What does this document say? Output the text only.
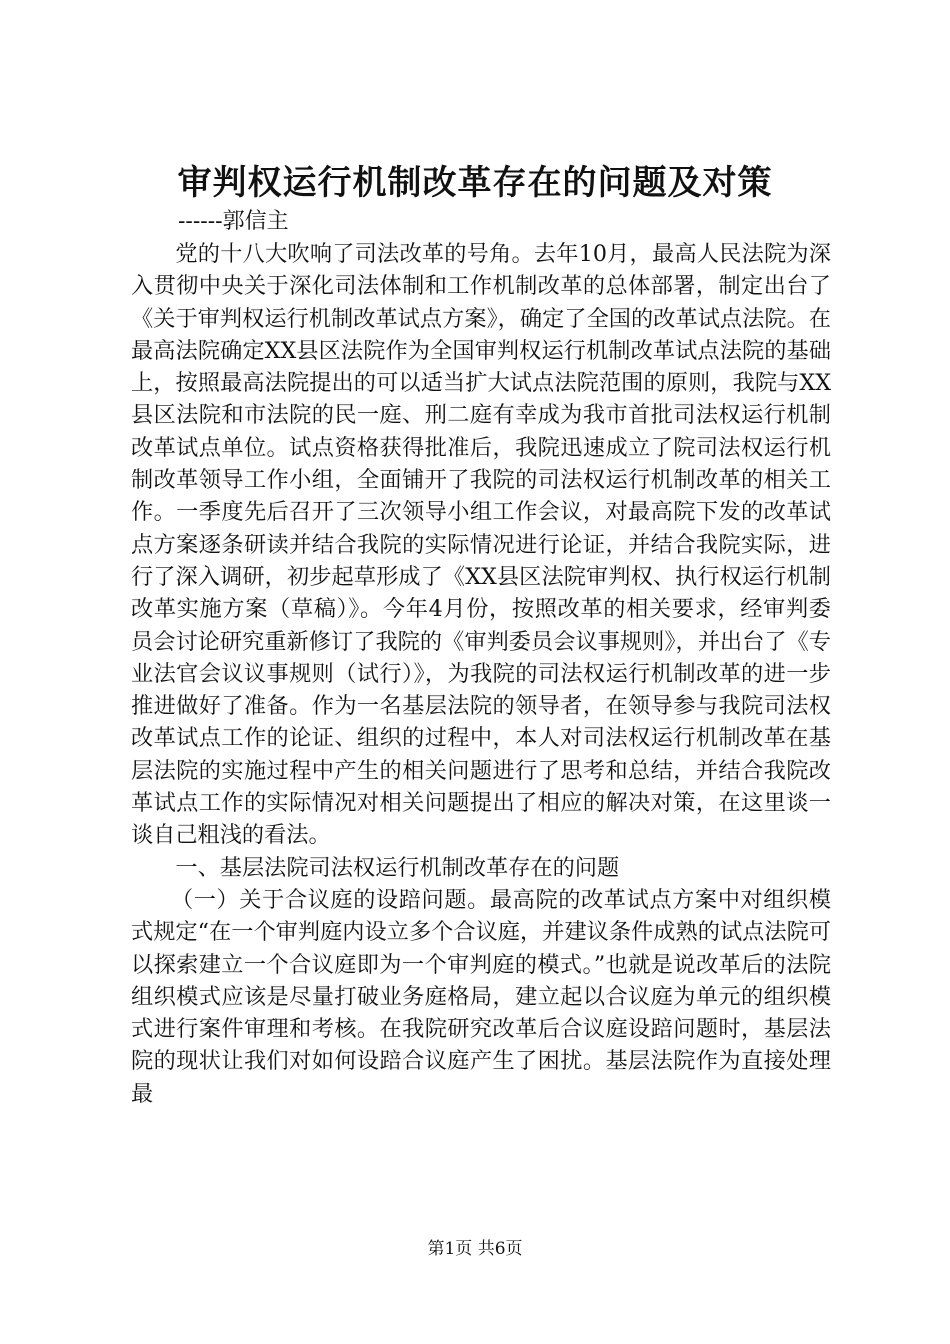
审判权运行机制改革存在的问题及对策
------郭信主

党的十八大吹响了司法改革的号角。去年10月，最高人民法院为深入贯彻中央关于深化司法体制和工作机制改革的总体部署，制定出台了《关于审判权运行机制改革试点方案》，确定了全国的改革试点法院。在最高法院确定XX县区法院作为全国审判权运行机制改革试点法院的基础上，按照最高法院提出的可以适当扩大试点法院范围的原则，我院与XX县区法院和市法院的民一庭、刑二庭有幸成为我市首批司法权运行机制改革试点单位。试点资格获得批准后，我院迅速成立了院司法权运行机制改革领导工作小组，全面铺开了我院的司法权运行机制改革的相关工作。一季度先后召开了三次领导小组工作会议，对最高院下发的改革试点方案逐条研读并结合我院的实际情况进行论证，并结合我院实际，进行了深入调研，初步起草形成了《XX县区法院审判权、执行权运行机制改革实施方案（草稿）》。今年4月份，按照改革的相关要求，经审判委员会讨论研究重新修订了我院的《审判委员会议事规则》，并出台了《专业法官会议议事规则（试行）》，为我院的司法权运行机制改革的进一步推进做好了准备。作为一名基层法院的领导者，在领导参与我院司法权改革试点工作的论证、组织的过程中，本人对司法权运行机制改革在基层法院的实施过程中产生的相关问题进行了思考和总结，并结合我院改革试点工作的实际情况对相关问题提出了相应的解决对策，在这里谈一谈自己粗浅的看法。

一、基层法院司法权运行机制改革存在的问题

（一）关于合议庭的设踣问题。最高院的改革试点方案中对组织模式规定“在一个审判庭内设立多个合议庭，并建议条件成熟的试点法院可以探索建立一个合议庭即为一个审判庭的模式。”也就是说改革后的法院组织模式应该是尽量打破业务庭格局，建立起以合议庭为单元的组织模式进行案件审理和考核。在我院研究改革后合议庭设踣问题时，基层法院的现状让我们对如何设踣合议庭产生了困扰。基层法院作为直接处理最

第1页 共6页
